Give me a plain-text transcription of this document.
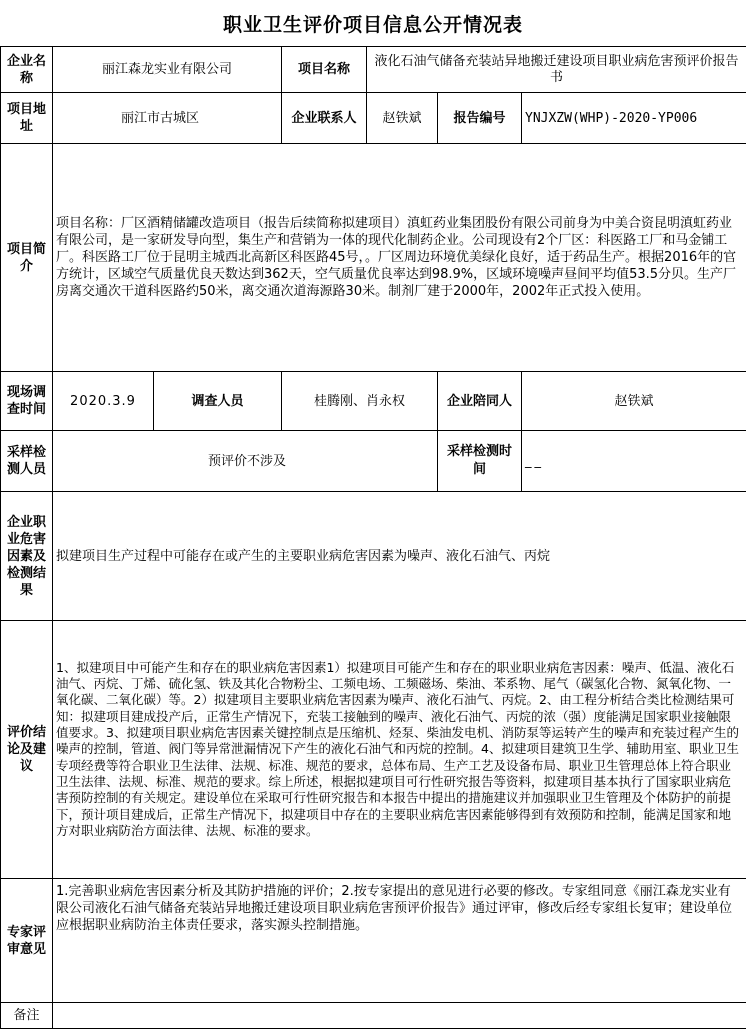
职业卫生评价项目信息公开情况表
企业名称	丽江森龙实业有限公司		项目名称	液化石油气储备充装站异地搬迁建设项目职业病危害预评价报告书		
项目地址	丽江市古城区		企业联系人	赵铁斌	报告编号	YNJXZW(WHP)-2020-YP006
项目简介	项目名称：厂区酒精储罐改造项目（报告后续简称拟建项目）滇虹药业集团股份有限公司前身为中美合资昆明滇虹药业有限公司，是一家研发导向型，集生产和营销为一体的现代化制药企业。公司现设有2个厂区：科医路工厂和马金铺工厂。科医路工厂位于昆明主城西北高新区科医路45号，。厂区周边环境优美绿化良好，适于药品生产。根据2016年的官方统计，区域空气质量优良天数达到362天，空气质量优良率达到98.9%，区域环境噪声昼间平均值53.5分贝。生产厂房离交通次干道科医路约50米，离交通次道海源路30米。制剂厂建于2000年，2002年正式投入使用。					
现场调查时间	2020.3.9	调查人员	桂腾刚、肖永权		企业陪同人	赵铁斌
采样检测人员	预评价不涉及				采样检测时间	__
企业职业危害因素及检测结果	拟建项目生产过程中可能存在或产生的主要职业病危害因素为噪声、液化石油气、丙烷					
评价结论及建议	1、拟建项目中可能产生和存在的职业病危害因素1）拟建项目可能产生和存在的职业职业病危害因素：噪声、低温、液化石油气、丙烷、丁烯、硫化氢、铁及其化合物粉尘、工频电场、工频磁场、柴油、苯系物、尾气（碳氢化合物、氮氧化物、一氧化碳、二氧化碳）等。2）拟建项目主要职业病危害因素为噪声、液化石油气、丙烷。2、由工程分析结合类比检测结果可知：拟建项目建成投产后，正常生产情况下，充装工接触到的噪声、液化石油气、丙烷的浓（强）度能满足国家职业接触限值要求。3、拟建项目职业病危害因素关键控制点是压缩机、烃泵、柴油发电机、消防泵等运转产生的噪声和充装过程产生的噪声的控制，管道、阀门等异常泄漏情况下产生的液化石油气和丙烷的控制。4、拟建项目建筑卫生学、辅助用室、职业卫生专项经费等符合职业卫生法律、法规、标准、规范的要求，总体布局、生产工艺及设备布局、职业卫生管理总体上符合职业卫生法律、法规、标准、规范的要求。综上所述，根据拟建项目可行性研究报告等资料，拟建项目基本执行了国家职业病危害预防控制的有关规定。建设单位在采取可行性研究报告和本报告中提出的措施建议并加强职业卫生管理及个体防护的前提下，预计项目建成后，正常生产情况下，拟建项目中存在的主要职业病危害因素能够得到有效预防和控制，能满足国家和地方对职业病防治方面法律、法规、标准的要求。					
专家评审意见	1.完善职业病危害因素分析及其防护措施的评价；2.按专家提出的意见进行必要的修改。专家组同意《丽江森龙实业有限公司液化石油气储备充装站异地搬迁建设项目职业病危害预评价报告》通过评审，修改后经专家组长复审；建设单位应根据职业病防治主体责任要求，落实源头控制措施。					
备注						
